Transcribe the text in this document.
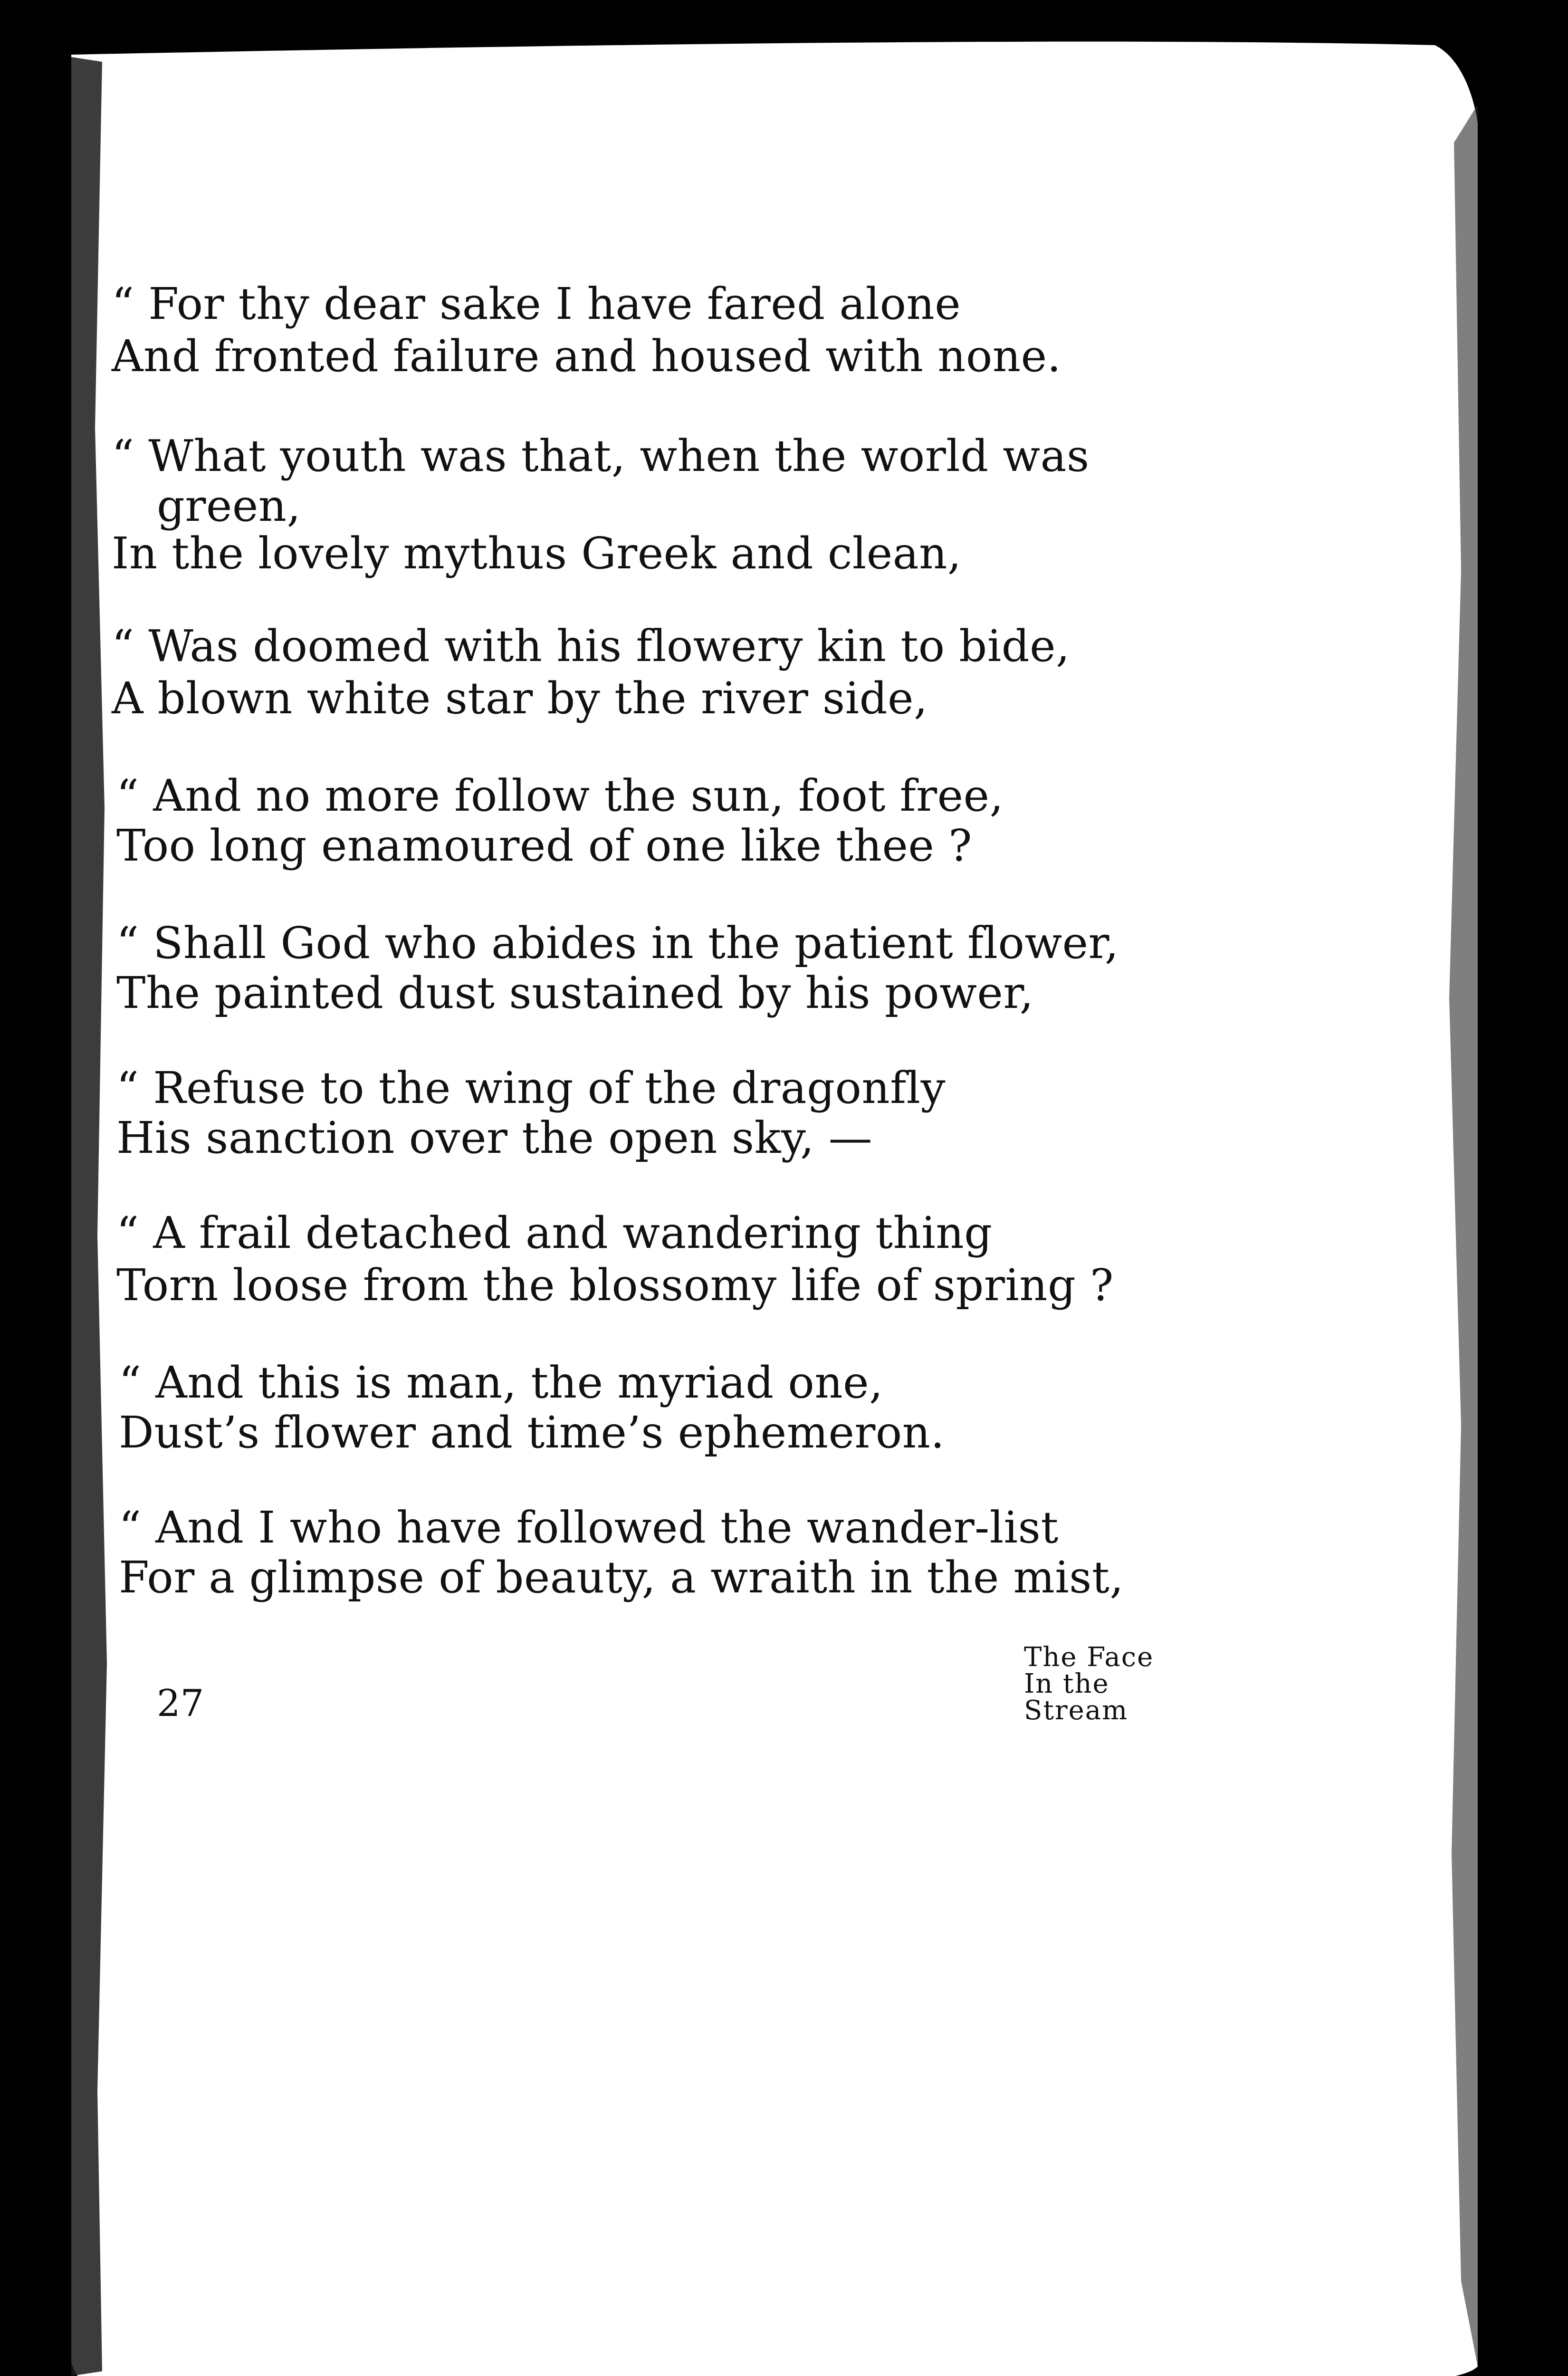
“ For thy dear sake I have fared alone

And fronted failure and housed with none.

“ What youth was that, when the world was

green,

In the lovely mythus Greek and clean,

“ Was doomed with his flowery kin to bide,

A blown white star by the river side,

“ And no more follow the sun, foot free,

Too long enamoured of one like thee ?

“ Shall God who abides in the patient flower,

The painted dust sustained by his power,

“ Refuse to the wing of the dragonfly

His sanction over the open sky, —

“ A frail detached and wandering thing

Torn loose from the blossomy life of spring ?

“ And this is man, the myriad one,

Dust’s flower and time’s ephemeron.

“ And I who have followed the wander-list

For a glimpse of beauty, a wraith in the mist,

The Face
In the
Stream

27
